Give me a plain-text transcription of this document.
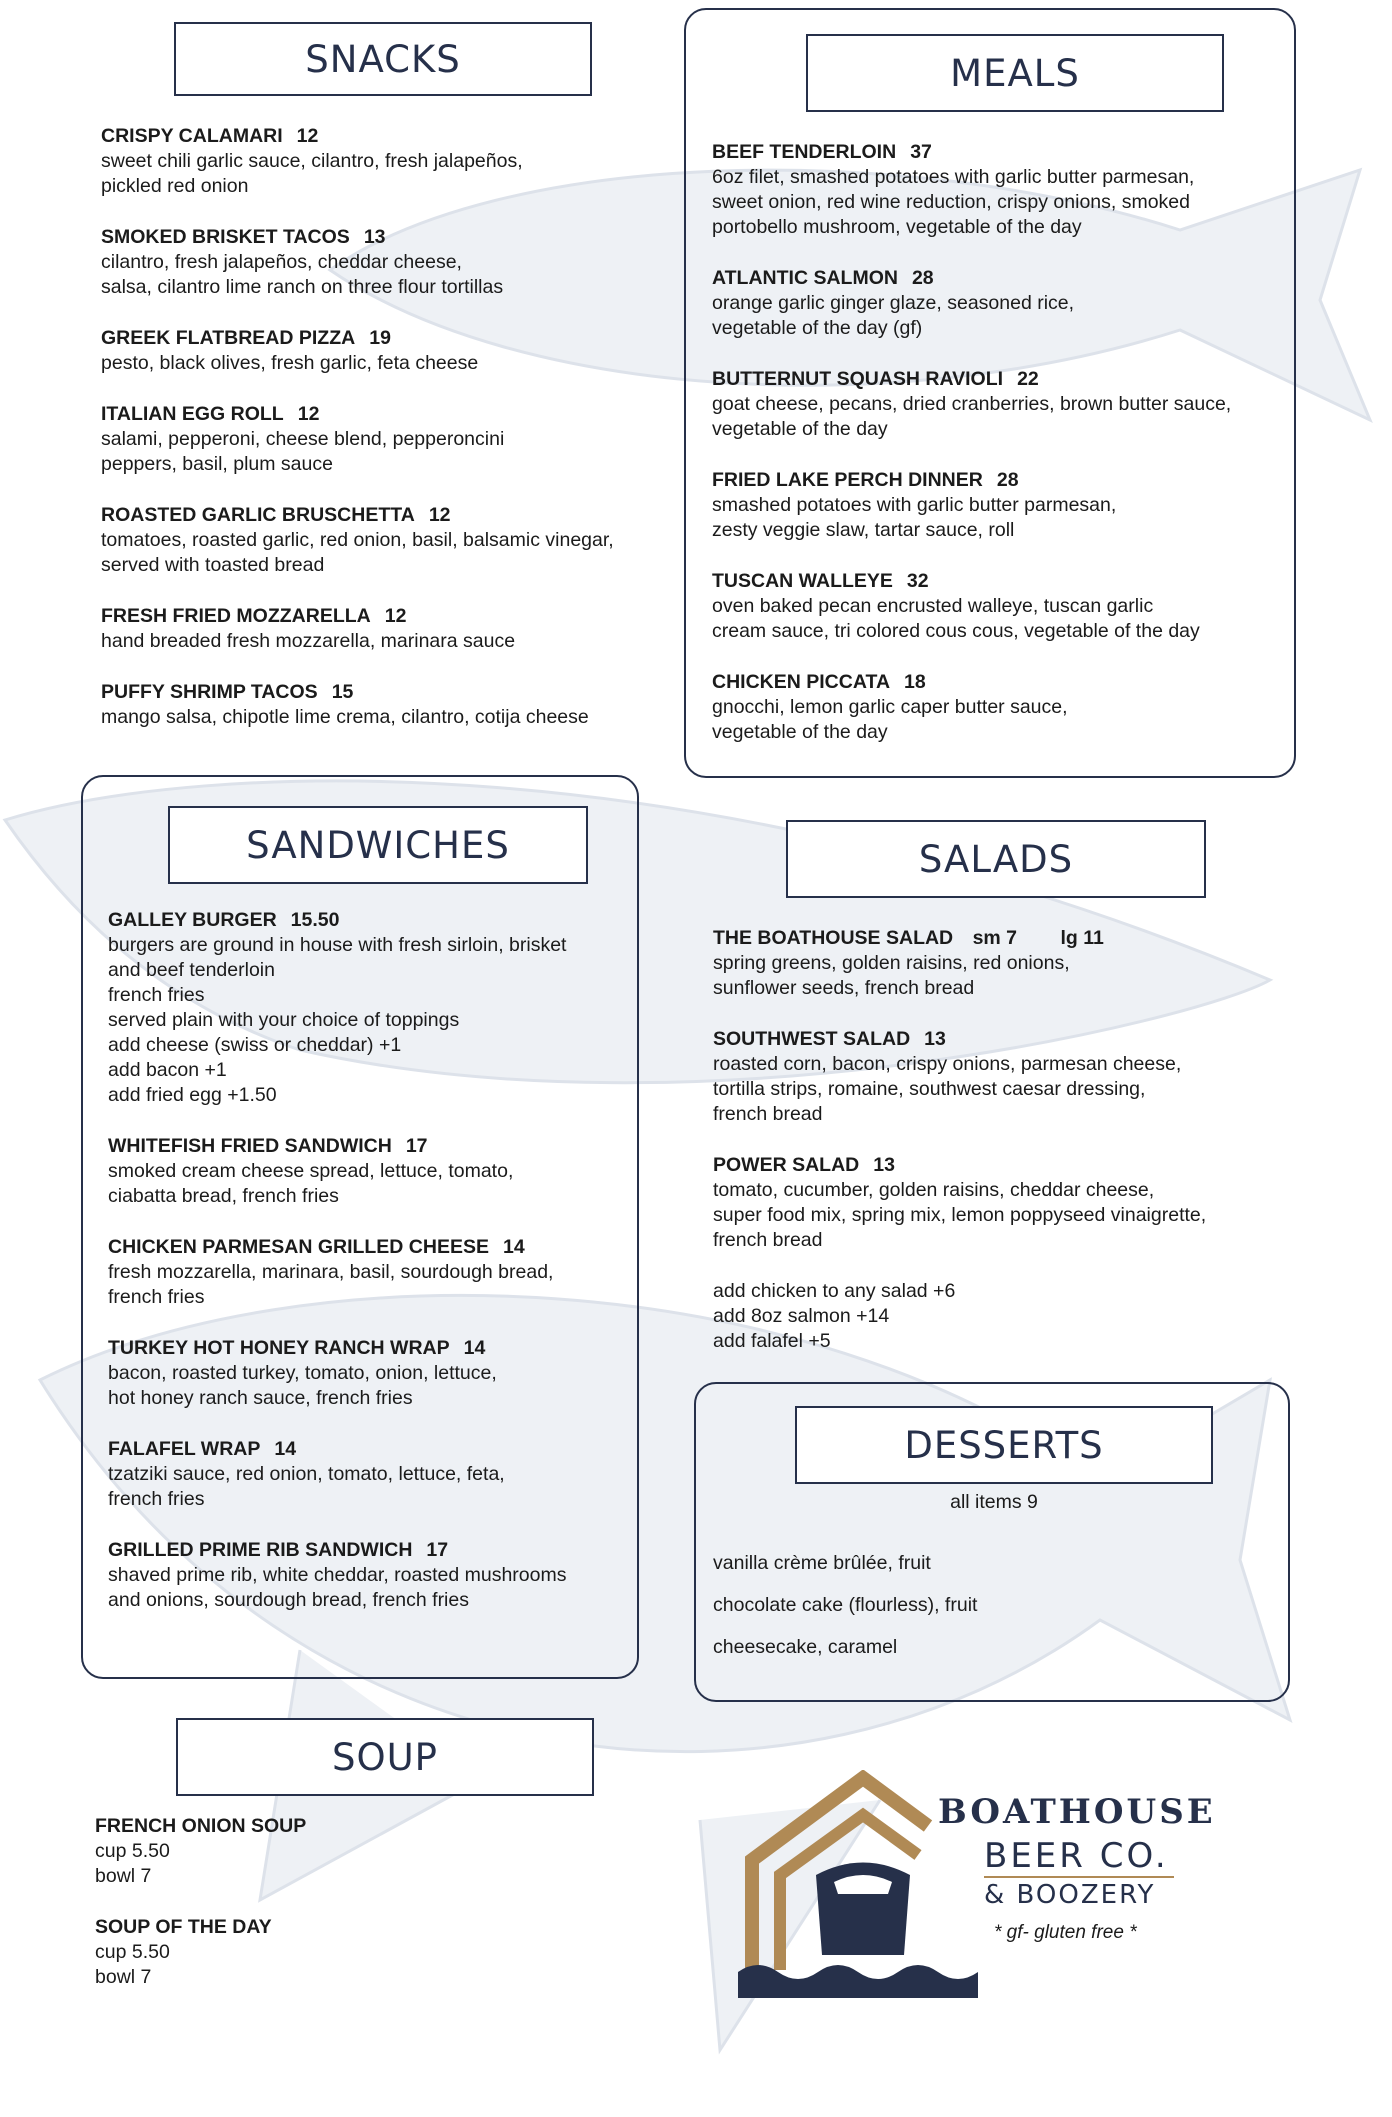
SNACKS
CRISPY CALAMARI 12
sweet chili garlic sauce, cilantro, fresh jalapeños,
pickled red onion
SMOKED BRISKET TACOS 13
cilantro, fresh jalapeños, cheddar cheese,
salsa, cilantro lime ranch on three flour tortillas
GREEK FLATBREAD PIZZA 19
pesto, black olives, fresh garlic, feta cheese
ITALIAN EGG ROLL 12
salami, pepperoni, cheese blend, pepperoncini
peppers, basil, plum sauce
ROASTED GARLIC BRUSCHETTA 12
tomatoes, roasted garlic, red onion, basil, balsamic vinegar,
served with toasted bread
FRESH FRIED MOZZARELLA 12
hand breaded fresh mozzarella, marinara sauce
PUFFY SHRIMP TACOS 15
mango salsa, chipotle lime crema, cilantro, cotija cheese
MEALS
BEEF TENDERLOIN 37
6oz filet, smashed potatoes with garlic butter parmesan,
sweet onion, red wine reduction, crispy onions, smoked
portobello mushroom, vegetable of the day
ATLANTIC SALMON 28
orange garlic ginger glaze, seasoned rice,
vegetable of the day (gf)
BUTTERNUT SQUASH RAVIOLI 22
goat cheese, pecans, dried cranberries, brown butter sauce,
vegetable of the day
FRIED LAKE PERCH DINNER 28
smashed potatoes with garlic butter parmesan,
zesty veggie slaw, tartar sauce, roll
TUSCAN WALLEYE 32
oven baked pecan encrusted walleye, tuscan garlic
cream sauce, tri colored cous cous, vegetable of the day
CHICKEN PICCATA 18
gnocchi, lemon garlic caper butter sauce,
vegetable of the day
SANDWICHES
GALLEY BURGER 15.50
burgers are ground in house with fresh sirloin, brisket
and beef tenderloin
french fries
served plain with your choice of toppings
add cheese (swiss or cheddar) +1
add bacon +1
add fried egg +1.50
WHITEFISH FRIED SANDWICH 17
smoked cream cheese spread, lettuce, tomato,
ciabatta bread, french fries
CHICKEN PARMESAN GRILLED CHEESE 14
fresh mozzarella, marinara, basil, sourdough bread,
french fries
TURKEY HOT HONEY RANCH WRAP 14
bacon, roasted turkey, tomato, onion, lettuce,
hot honey ranch sauce, french fries
FALAFEL WRAP 14
tzatziki sauce, red onion, tomato, lettuce, feta,
french fries
GRILLED PRIME RIB SANDWICH 17
shaved prime rib, white cheddar, roasted mushrooms
and onions, sourdough bread, french fries
SALADS
THE BOATHOUSE SALAD sm 7 lg 11
spring greens, golden raisins, red onions,
sunflower seeds, french bread
SOUTHWEST SALAD 13
roasted corn, bacon, crispy onions, parmesan cheese,
tortilla strips, romaine, southwest caesar dressing,
french bread
POWER SALAD 13
tomato, cucumber, golden raisins, cheddar cheese,
super food mix, spring mix, lemon poppyseed vinaigrette,
french bread
add chicken to any salad +6
add 8oz salmon +14
add falafel +5
DESSERTS
all items 9
vanilla crème brûlée, fruit
chocolate cake (flourless), fruit
cheesecake, caramel
SOUP
FRENCH ONION SOUP
cup 5.50
bowl 7
SOUP OF THE DAY
cup 5.50
bowl 7
BOATHOUSE
BEER CO.
& BOOZERY
* gf- gluten free *
